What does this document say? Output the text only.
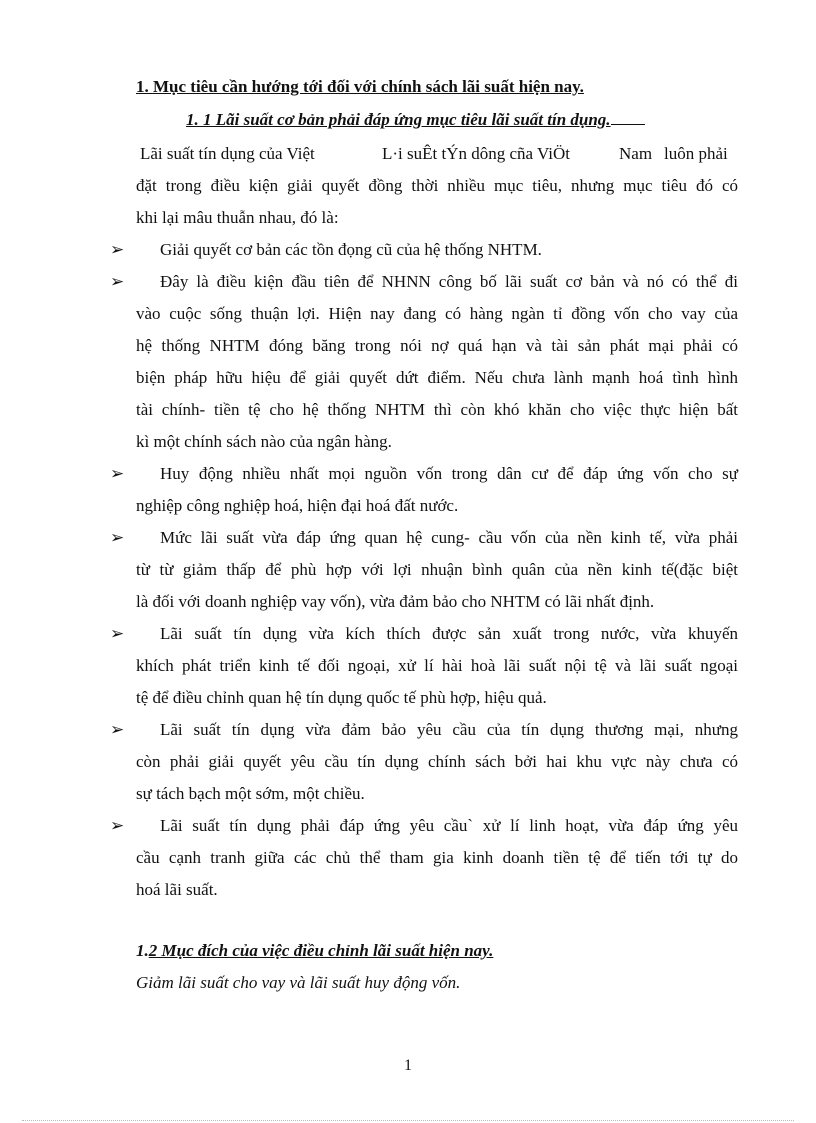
1. Mục tiêu cần hướng tới đối với chính sách lãi suất hiện nay.
1. 1 Lãi suất cơ bản phải đáp ứng mục tiêu lãi suất tín dụng.
Lãi suất tín dụng của Việt	L·i suÊt tÝn dông cña ViÖt	Nam luôn phải
đặt trong điều kiện giải quyết đồng thời nhiều mục tiêu, nhưng mục tiêu đó có
khi lại mâu thuẫn nhau, đó là:
➢ Giải quyết cơ bản các tồn đọng cũ của hệ thống NHTM.
➢ Đây là điều kiện đầu tiên để NHNN công bố lãi suất cơ bản và nó có thể đi
vào cuộc sống thuận lợi. Hiện nay đang có hàng ngàn tỉ đồng vốn cho vay của
hệ thống NHTM đóng băng trong nói nợ quá hạn và tài sản phát mại phải có
biện pháp hữu hiệu để giải quyết dứt điểm. Nếu chưa lành mạnh hoá tình hình
tài chính- tiền tệ cho hệ thống NHTM thì còn khó khăn cho việc thực hiện bất
kì một chính sách nào của ngân hàng.
➢ Huy động nhiều nhất mọi nguồn vốn trong dân cư để đáp ứng vốn cho sự
nghiệp công nghiệp hoá, hiện đại hoá đất nước.
➢ Mức lãi suất vừa đáp ứng quan hệ cung- cầu vốn của nền kinh tế, vừa phải
từ từ giảm thấp để phù hợp với lợi nhuận bình quân của nền kinh tế(đặc biệt
là đối với doanh nghiệp vay vốn), vừa đảm bảo cho NHTM có lãi nhất định.
➢ Lãi suất tín dụng vừa kích thích được sản xuất trong nước, vừa khuyến
khích phát triển kinh tế đối ngoại, xử lí hài hoà lãi suất nội tệ và lãi suất ngoại
tệ để điều chỉnh quan hệ tín dụng quốc tế phù hợp, hiệu quả.
➢ Lãi suất tín dụng vừa đảm bảo yêu cầu của tín dụng thương mại, nhưng
còn phải giải quyết yêu cầu tín dụng chính sách bởi hai khu vực này chưa có
sự tách bạch một sớm, một chiều.
➢ Lãi suất tín dụng phải đáp ứng yêu cầu` xử lí linh hoạt, vừa đáp ứng yêu
cầu cạnh tranh giữa các chủ thể tham gia kinh doanh tiền tệ để tiến tới tự do
hoá lãi suất.
1.2 Mục đích của việc điều chỉnh lãi suất hiện nay.
Giảm lãi suất cho vay và lãi suất huy động vốn.
1
